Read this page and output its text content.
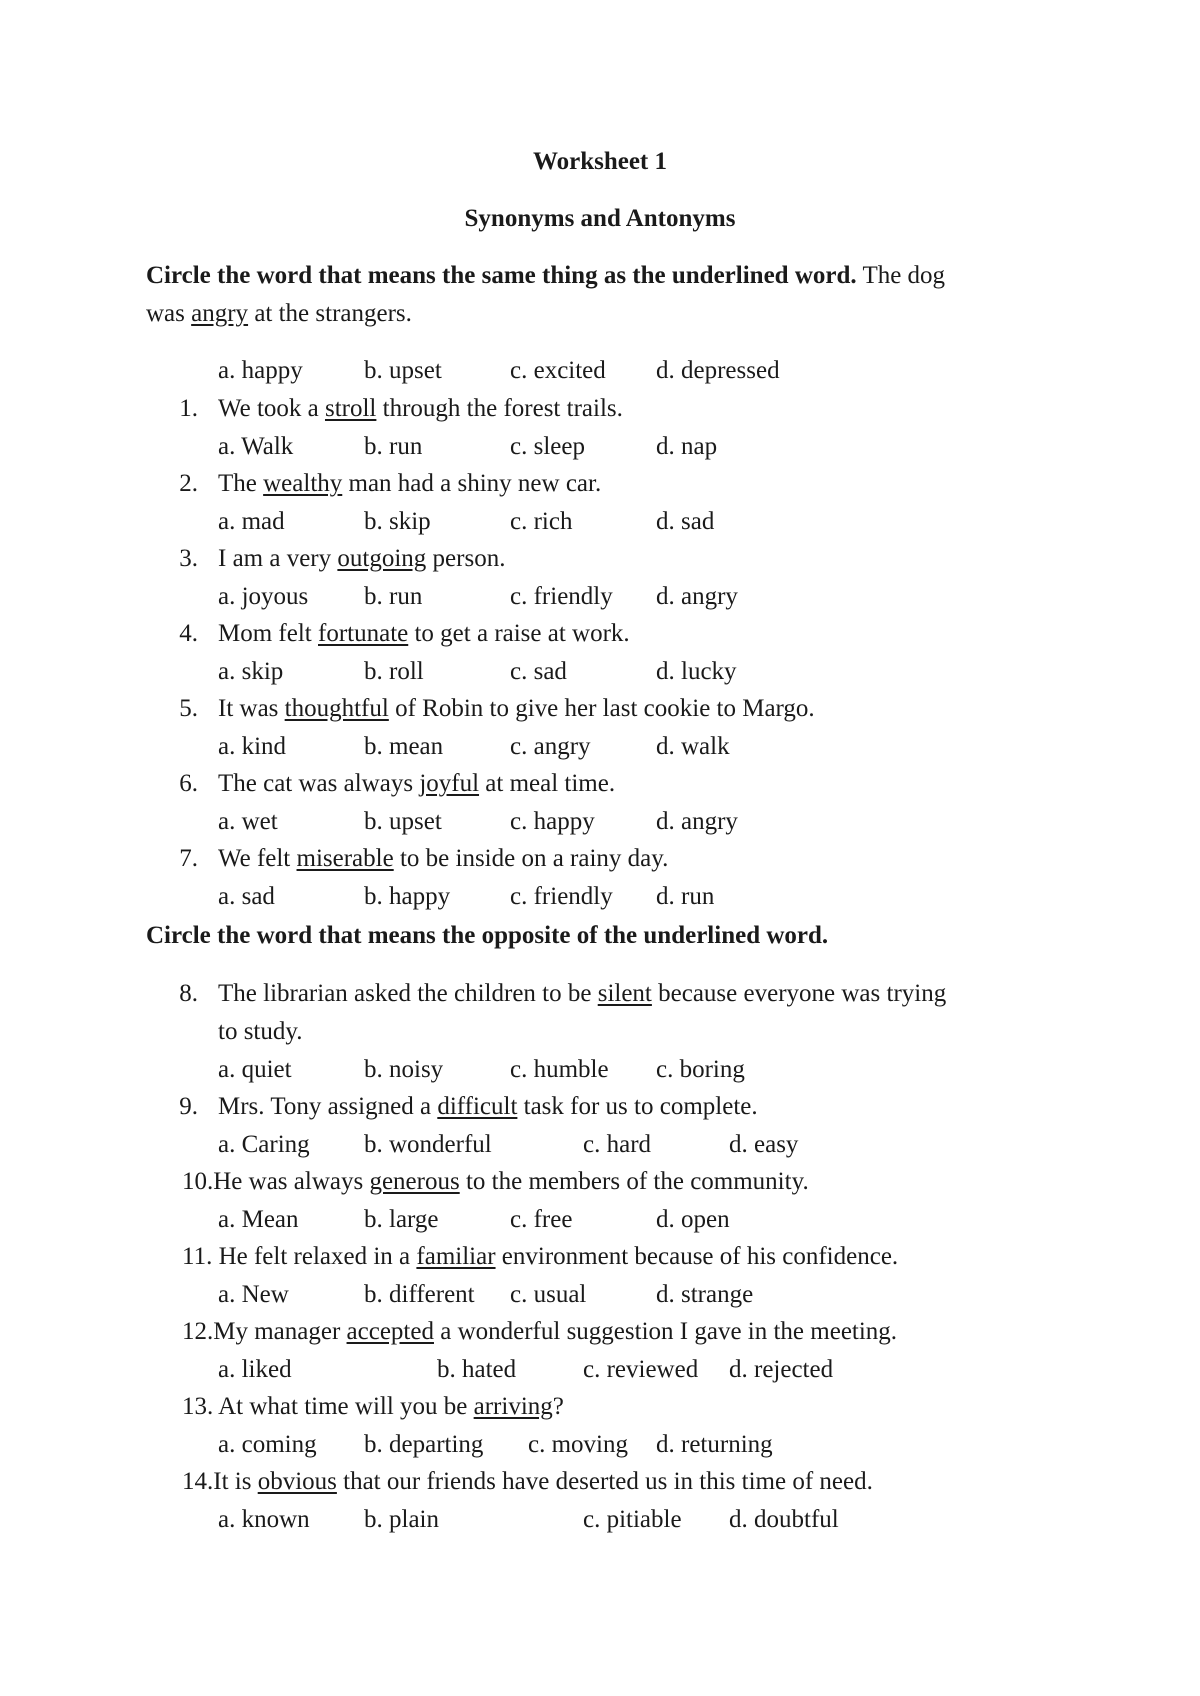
Worksheet 1
Synonyms and Antonyms
Circle the word that means the same thing as the underlined word. The dog
was angry at the strangers.
a. happy b. upset	c. excited d. depressed
1. We took a stroll through the forest trails.
a. Walk	b. run	c. sleep	d. nap
2. The wealthy man had a shiny new car.
a. mad	b. skip	c. rich	d. sad
3. I am a very outgoing person.
a. joyous b. run	c. friendly d. angry
4. Mom felt fortunate to get a raise at work.
a. skip	b. roll	c. sad	d. lucky
5. It was thoughtful of Robin to give her last cookie to Margo.
a. kind	b. mean	c. angry	d. walk
6. The cat was always joyful at meal time.
a. wet	b. upset	c. happy d. angry
7. We felt miserable to be inside on a rainy day.
a. sad	b. happy c. friendly d. run
Circle the word that means the opposite of the underlined word.
8. The librarian asked the children to be silent because everyone was trying
to study.
a. quiet	b. noisy	c. humble c. boring
9. Mrs. Tony assigned a difficult task for us to complete.
a. Caring b. wonderful	c. hard	d. easy
10.He was always generous to the members of the community.
a. Mean	b. large	c. free	d. open
11. He felt relaxed in a familiar environment because of his confidence.
a. New	b. different c. usual	d. strange
12.My manager accepted a wonderful suggestion I gave in the meeting.
a. liked	b. hated	c. reviewed d. rejected
13. At what time will you be arriving?
a. coming b. departing c. moving d. returning
14.It is obvious that our friends have deserted us in this time of need.
a. known b. plain	c. pitiable d. doubtful
